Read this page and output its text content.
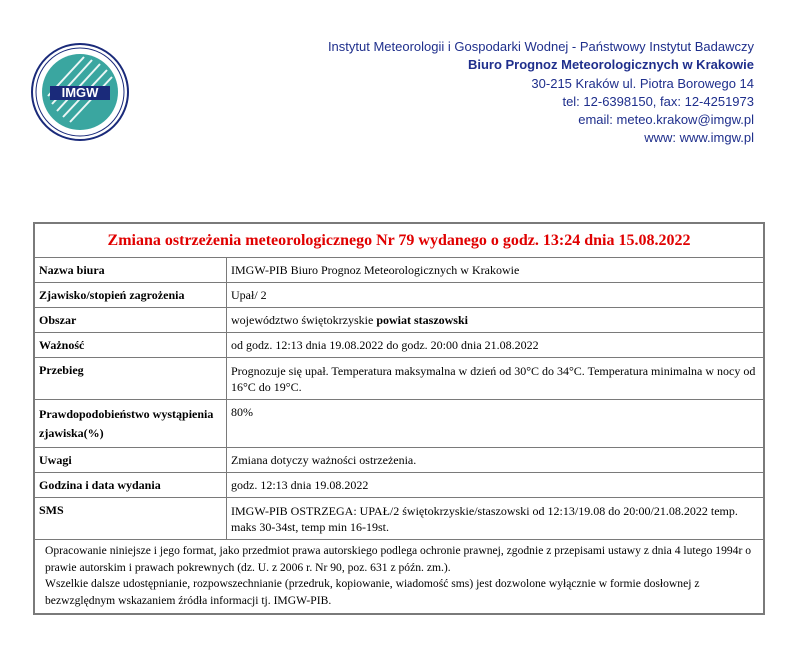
IMGW
Instytut Meteorologii i Gospodarki Wodnej - Państwowy Instytut Badawczy
Biuro Prognoz Meteorologicznych w Krakowie
30-215 Kraków ul. Piotra Borowego 14
tel: 12-6398150, fax: 12-4251973
email: meteo.krakow@imgw.pl
www: www.imgw.pl
Zmiana ostrzeżenia meteorologicznego Nr 79 wydanego o godz. 13:24 dnia 15.08.2022	
Nazwa biura	IMGW-PIB Biuro Prognoz Meteorologicznych w Krakowie
Zjawisko/stopień zagrożenia	Upał/ 2
Obszar	województwo świętokrzyskie powiat staszowski
Ważność	od godz. 12:13 dnia 19.08.2022 do godz. 20:00 dnia 21.08.2022
Przebieg	Prognozuje się upał. Temperatura maksymalna w dzień od 30°C do 34°C. Temperatura minimalna w nocy od 16°C do 19°C.
Prawdopodobieństwo wystąpienia zjawiska(%)	80%
Uwagi	Zmiana dotyczy ważności ostrzeżenia.
Godzina i data wydania	godz. 12:13 dnia 19.08.2022
SMS	IMGW-PIB OSTRZEGA: UPAŁ/2 świętokrzyskie/staszowski od 12:13/19.08 do 20:00/21.08.2022 temp. maks 30-34st, temp min 16-19st.

Opracowanie niniejsze i jego format, jako przedmiot prawa autorskiego podlega ochronie prawnej, zgodnie z przepisami ustawy z dnia 4 lutego 1994r o prawie autorskim i prawach pokrewnych (dz. U. z 2006 r. Nr 90, poz. 631 z późn. zm.).
Wszelkie dalsze udostępnianie, rozpowszechnianie (przedruk, kopiowanie, wiadomość sms) jest dozwolone wyłącznie w formie dosłownej z bezwzględnym wskazaniem źródła informacji tj. IMGW-PIB.	
